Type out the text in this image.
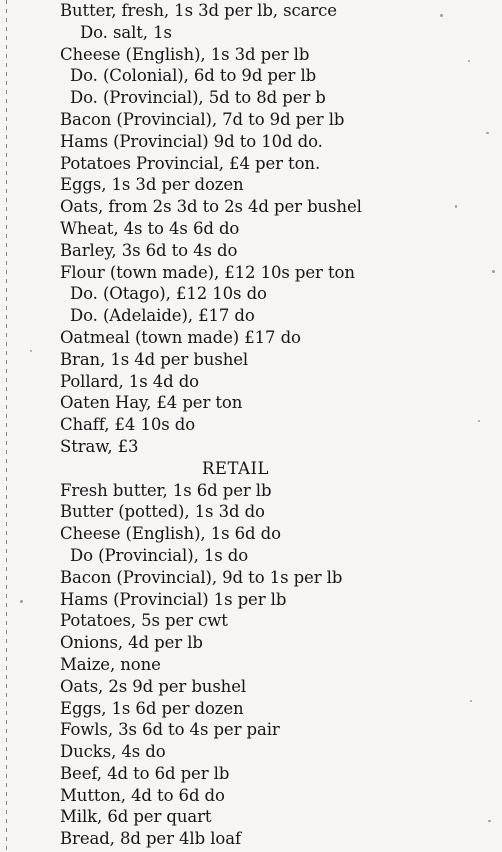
Butter, fresh, 1s 3d per lb, scarce
Do. salt, 1s
Cheese (English), 1s 3d per lb
Do. (Colonial), 6d to 9d per lb
Do. (Provincial), 5d to 8d per b
Bacon (Provincial), 7d to 9d per lb
Hams (Provincial) 9d to 10d do.
Potatoes Provincial, £4 per ton.
Eggs, 1s 3d per dozen
Oats, from 2s 3d to 2s 4d per bushel
Wheat, 4s to 4s 6d do
Barley, 3s 6d to 4s do
Flour (town made), £12 10s per ton
Do. (Otago), £12 10s do
Do. (Adelaide), £17 do
Oatmeal (town made) £17 do
Bran, 1s 4d per bushel
Pollard, 1s 4d do
Oaten Hay, £4 per ton
Chaff, £4 10s do
Straw, £3
RETAIL
Fresh butter, 1s 6d per lb
Butter (potted), 1s 3d do
Cheese (English), 1s 6d do
Do (Provincial), 1s do
Bacon (Provincial), 9d to 1s per lb
Hams (Provincial) 1s per lb
Potatoes, 5s per cwt
Onions, 4d per lb
Maize, none
Oats, 2s 9d per bushel
Eggs, 1s 6d per dozen
Fowls, 3s 6d to 4s per pair
Ducks, 4s do
Beef, 4d to 6d per lb
Mutton, 4d to 6d do
Milk, 6d per quart
Bread, 8d per 4lb loaf
